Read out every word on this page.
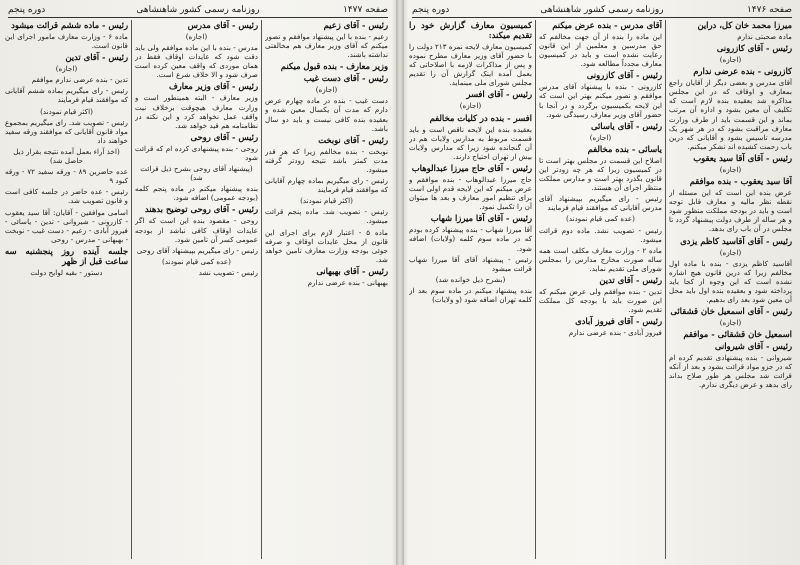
صفحه ۱۴۷۶
روزنامه رسمی کشور شاهنشاهی
دوره پنجم

میرزا محمد خان کل، دراین

مادہ صحبتی ندارم

رئیس - آقای کازرونی

(اجازه)

کازرونی - بنده عرضی ندارم

آقای مدرس و بعضی دیگر از آقایان راجع بمعارف و اوقاف که در این مجلس مذاکره شد بعقیده بنده لازم است که تکلیف آن معین بشود و اداره آن مرتب بماند و این قسمت باید از طرف وزارت معارف مراقبت بشود که در هر شهر یک مدرسه تاسیس بشود و آقایانی که درین باب زحمت کشیده اند تشکر میکنم.

رئیس - آقای آقا سید یعقوب

(اجازه)

آقا سید یعقوب - بنده موافقم

عرض بنده این است که این مسئله از نقطه نظر مالیه و معارف قابل توجه است و باید در بودجه مملکت منظور شود و هر ساله از طرف دولت پیشنهاد گردد تا مجلس در آن باب رای بدهد.

رئیس - آقای آقاسید کاظم یزدی

(اجازه)

آقاسید کاظم یزدی - بنده با ماده اول مخالفم زیرا که درین قانون هیچ اشاره نشده است که این وجوه از کجا باید پرداخته شود و بعقیده بنده اول باید محل آن معین شود بعد رای بدهیم.

رئیس - آقای اسمعیل خان قشقائی

(اجازه)

اسمعیل خان قشقائی - موافقم

رئیس - آقای شیروانی

شیروانی - بنده پیشنهادی تقدیم کرده ام که در جزو مواد قرائت بشود و بعد از آنکه قرائت شد مجلس هر طور صلاح بداند رای بدهد و عرض دیگری ندارم.

آقای مدرس - بنده عرض میکنم

این ماده را بنده از آن جهت مخالفم که حق مدرسین و معلمین از این قانون رعایت نشده است و باید در کمیسیون معارف مجدداً مطالعه شود.

رئیس - آقای کازرونی

کازرونی - بنده با پیشنهاد آقای مدرس موافقم و تصور میکنم بهتر این است که این لایحه بکمیسیون برگردد و در آنجا با حضور آقای وزیر معارف رسیدگی شود.

رئیس - آقای یاسائی

(اجازه)

یاسائی - بنده مخالفم

اصلاح این قسمت در مجلس بهتر است تا در کمیسیون زیرا که هر چه زودتر این قانون بگذرد بهتر است و مدارس مملکت منتظر اجرای آن هستند.

رئیس - رای میگیریم بپیشنهاد آقای مدرس آقایانی که موافقند قیام فرمایند

(عده کمی قیام نمودند)

رئیس - تصویب نشد. ماده دوم قرائت میشود.

ماده ۲ - وزارت معارف مکلف است همه ساله صورت مخارج مدارس را بمجلس شورای ملی تقدیم نماید.

رئیس - آقای تدین

تدین - بنده موافقم ولی عرض میکنم که این صورت باید با بودجه کل مملکت تقدیم شود.

رئیس - آقای فیروز آبادی

فیروز آبادی - بنده عرضی ندارم

کمیسیون معارف گزارش خود را تقدیم میکند:

کمیسیون معارف لایحه نمره ۲۱۳ دولت را با حضور آقای وزیر معارف مطرح نموده و پس از مذاکرات لازمه با اصلاحاتی که بعمل آمده اینک گزارش آن را تقدیم مجلس شورای ملی مینماید.

رئیس - آقای افسر

(اجازه)

افسر - بنده در کلیات مخالفم

بعقیده بنده این لایحه ناقص است و باید قسمت مربوط به مدارس ولایات هم در آن گنجانده شود زیرا که مدارس ولایات بیش از تهران احتیاج دارند.

رئیس - آقای حاج میرزا عبدالوهاب

حاج میرزا عبدالوهاب - بنده موافقم و عرض میکنم که این لایحه قدم اولی است برای تنظیم امور معارف و بعد ها میتوان آن را تکمیل نمود.

رئیس - آقای آقا میرزا شهاب

آقا میرزا شهاب - بنده پیشنهاد کرده بودم که در ماده سوم کلمه (ولایات) اضافه شود.

رئیس - پیشنهاد آقای آقا میرزا شهاب قرائت میشود

(بشرح ذیل خوانده شد)

بنده پیشنهاد میکنم در ماده سوم بعد از کلمه تهران اضافه شود (و ولایات)

صفحه ۱۴۷۷
روزنامه رسمی کشور شاهنشاهی
دوره پنجم

رئیس - آقای زعیم

زعیم - بنده با این پیشنهاد موافقم و تصور میکنم که آقای وزیر معارف هم مخالفتی نداشته باشند.

وزیر معارف - بنده قبول میکنم

رئیس - آقای دست غیب

(اجازه)

دست غیب - بنده در ماده چهارم عرض دارم که مدت آن یکسال معین شده و بعقیده بنده کافی نیست و باید دو سال باشد.

رئیس - آقای نوبخت

نوبخت - بنده مخالفم زیرا که هر قدر مدت کمتر باشد نتیجه زودتر گرفته میشود.

رئیس - رای میگیریم بماده چهارم آقایانی که موافقند قیام فرمایند

(اکثر قیام نمودند)

رئیس - تصویب شد. ماده پنجم قرائت میشود.

ماده ۵ - اعتبار لازم برای اجرای این قانون از محل عایدات اوقاف و صرفه جوئی بودجه وزارت معارف تامین خواهد شد.

رئیس - آقای بهبهانی

بهبهانی - بنده عرضی ندارم

رئیس - آقای مدرس

(اجازه)

مدرس - بنده با این ماده موافقم ولی باید دقت شود که عایدات اوقاف فقط در همان موردی که واقف معین کرده است صرف شود و الا خلاف شرع است.

رئیس - آقای وزیر معارف

وزیر معارف - البته همینطور است و وزارت معارف هیچوقت برخلاف نیت واقف عمل نخواهد کرد و این نکته در نظامنامه هم قید خواهد شد.

رئیس - آقای روحی

روحی - بنده پیشنهادی کرده ام که قرائت شود

(پیشنهاد آقای روحی بشرح ذیل قرائت شد)

بنده پیشنهاد میکنم در ماده پنجم کلمه (بودجه عمومی) اضافه شود.

رئیس - آقای روحی توضیح بدهند

روحی - مقصود بنده این است که اگر عایدات اوقاف کافی نباشد از بودجه عمومی کسر آن تامین شود.

رئیس - رای میگیریم بپیشنهاد آقای روحی

(عده کمی قیام نمودند)

رئیس - تصویب نشد

رئیس - ماده ششم قرائت میشود

ماده ۶ - وزارت معارف مامور اجرای این قانون است.

رئیس - آقای تدین

(اجازه)

تدین - بنده عرضی ندارم موافقم

رئیس - رای میگیریم بماده ششم آقایانی که موافقند قیام فرمایند

(اکثر قیام نمودند)

رئیس - تصویب شد. رای میگیریم بمجموع مواد قانون آقایانی که موافقند ورقه سفید خواهند داد

(اخذ آراء بعمل آمده نتیجه بقرار ذیل حاصل شد)

عده حاضرین ۸۹ - ورقه سفید ۷۲ - ورقه کبود ۹

رئیس - عده حاضر در جلسه کافی است و قانون تصویب شد.

اسامی موافقین - آقایان: آقا سید یعقوب - کازرونی - شیروانی - تدین - یاسائی - فیروز آبادی - زعیم - دست غیب - نوبخت - بهبهانی - مدرس - روحی

جلسه آینده روز پنجشنبه سه ساعت قبل از ظهر

دستور - بقیه لوایح دولت
